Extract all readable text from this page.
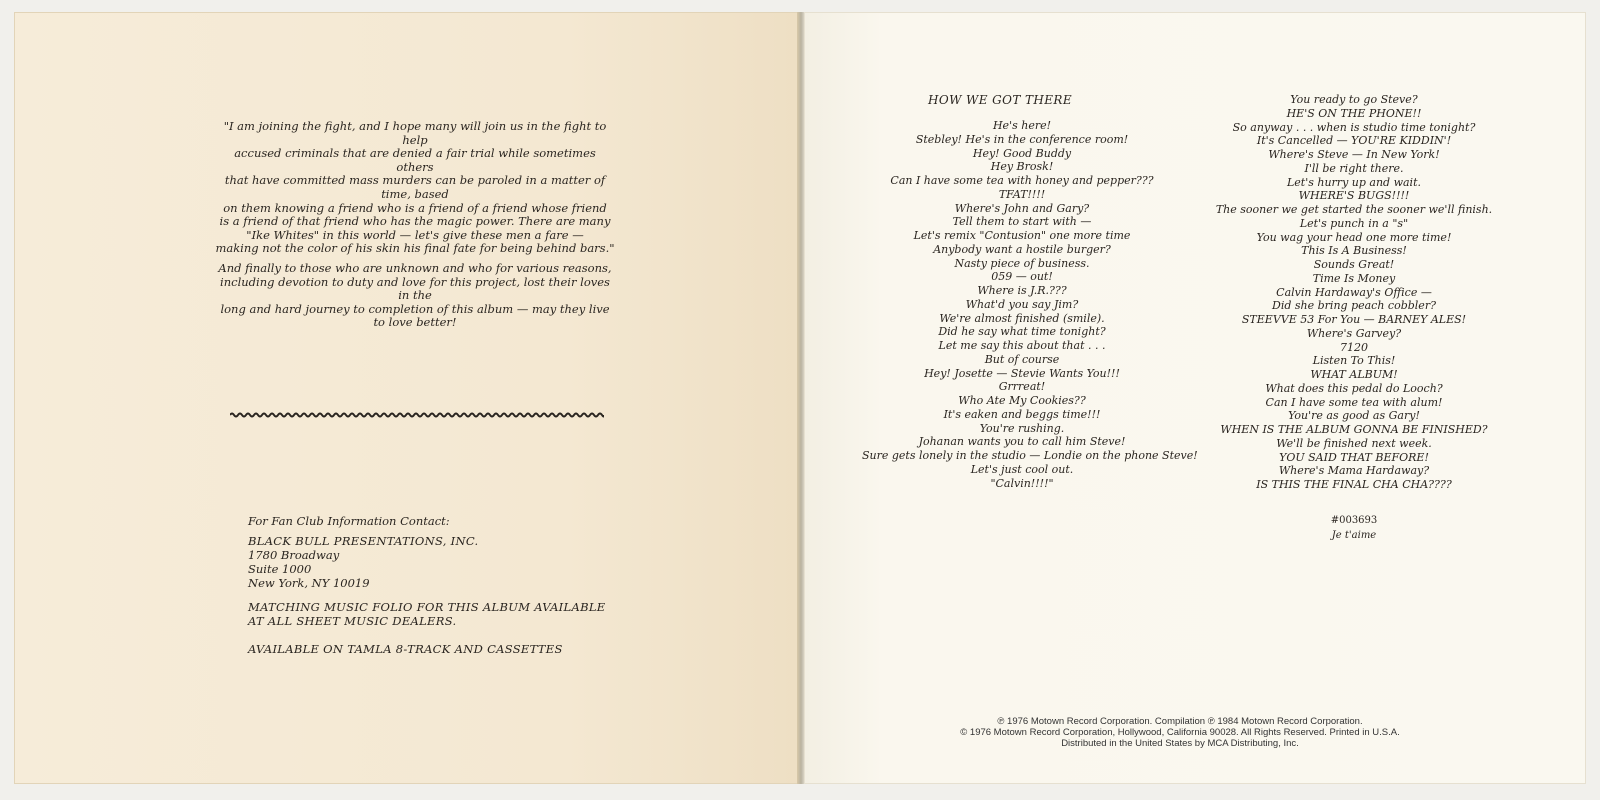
"I am joining the fight, and I hope many will join us in the fight to help
accused criminals that are denied a fair trial while sometimes others
that have committed mass murders can be paroled in a matter of time, based
on them knowing a friend who is a friend of a friend whose friend
is a friend of that friend who has the magic power. There are many
"Ike Whites" in this world — let's give these men a fare —
making not the color of his skin his final fate for being behind bars."
And finally to those who are unknown and who for various reasons,
including devotion to duty and love for this project, lost their loves in the
long and hard journey to completion of this album — may they live
to love better!
For Fan Club Information Contact:
BLACK BULL PRESENTATIONS, INC.
1780 Broadway
Suite 1000
New York, NY 10019
MATCHING MUSIC FOLIO FOR THIS ALBUM AVAILABLE
AT ALL SHEET MUSIC DEALERS.
AVAILABLE ON TAMLA 8-TRACK AND CASSETTES
HOW WE GOT THERE
He's here!
Stebley! He's in the conference room!
Hey! Good Buddy
Hey Brosk!
Can I have some tea with honey and pepper???
TFAT!!!!
Where's John and Gary?
Tell them to start with —
Let's remix "Contusion" one more time
Anybody want a hostile burger?
Nasty piece of business.
059 — out!
Where is J.R.???
What'd you say Jim?
We're almost finished (smile).
Did he say what time tonight?
Let me say this about that . . .
But of course
Hey! Josette — Stevie Wants You!!!
Grrreat!
Who Ate My Cookies??
It's eaken and beggs time!!!
You're rushing.
Johanan wants you to call him Steve!
Sure gets lonely in the studio — Londie on the phone Steve!
Let's just cool out.
"Calvin!!!!"
You ready to go Steve?
HE'S ON THE PHONE!!
So anyway . . . when is studio time tonight?
It's Cancelled — YOU'RE KIDDIN'!
Where's Steve — In New York!
I'll be right there.
Let's hurry up and wait.
WHERE'S BUGS!!!!
The sooner we get started the sooner we'll finish.
Let's punch in a "s"
You wag your head one more time!
This Is A Business!
Sounds Great!
Time Is Money
Calvin Hardaway's Office —
Did she bring peach cobbler?
STEEVVE 53 For You — BARNEY ALES!
Where's Garvey?
7120
Listen To This!
WHAT ALBUM!
What does this pedal do Looch?
Can I have some tea with alum!
You're as good as Gary!
WHEN IS THE ALBUM GONNA BE FINISHED?
We'll be finished next week.
YOU SAID THAT BEFORE!
Where's Mama Hardaway?
IS THIS THE FINAL CHA CHA????
#003693
Je t'aime
℗ 1976 Motown Record Corporation. Compilation ℗ 1984 Motown Record Corporation.
© 1976 Motown Record Corporation, Hollywood, California 90028. All Rights Reserved. Printed in U.S.A.
Distributed in the United States by MCA Distributing, Inc.
